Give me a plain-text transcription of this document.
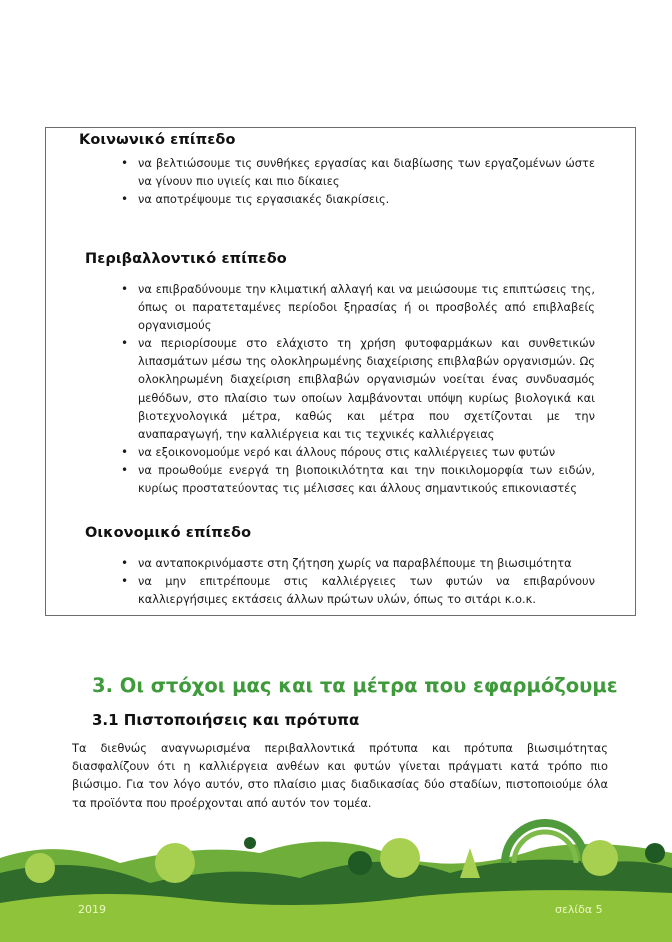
Κοινωνικό επίπεδο
• να βελτιώσουμε τις συνθήκες εργασίας και διαβίωσης των εργαζομένων ώστε να γίνουν πιο υγιείς και πιο δίκαιες
• να αποτρέψουμε τις εργασιακές διακρίσεις.
Περιβαλλοντικό επίπεδο
• να επιβραδύνουμε την κλιματική αλλαγή και να μειώσουμε τις επιπτώσεις της, όπως οι παρατεταμένες περίοδοι ξηρασίας ή οι προσβολές από επιβλαβείς οργανισμούς
• να περιορίσουμε στο ελάχιστο τη χρήση φυτοφαρμάκων και συνθετικών λιπασμάτων μέσω της ολοκληρωμένης διαχείρισης επιβλαβών οργανισμών. Ως ολοκληρωμένη διαχείριση επιβλαβών οργανισμών νοείται ένας συνδυασμός μεθόδων, στο πλαίσιο των οποίων λαμβάνονται υπόψη κυρίως βιολογικά και βιοτεχνολογικά μέτρα, καθώς και μέτρα που σχετίζονται με την αναπαραγωγή, την καλλιέργεια και τις τεχνικές καλλιέργειας
• να εξοικονομούμε νερό και άλλους πόρους στις καλλιέργειες των φυτών
• να προωθούμε ενεργά τη βιοποικιλότητα και την ποικιλομορφία των ειδών, κυρίως προστατεύοντας τις μέλισσες και άλλους σημαντικούς επικονιαστές
Οικονομικό επίπεδο
• να ανταποκρινόμαστε στη ζήτηση χωρίς να παραβλέπουμε τη βιωσιμότητα
• να μην επιτρέπουμε στις καλλιέργειες των φυτών να επιβαρύνουν καλλιεργήσιμες εκτάσεις άλλων πρώτων υλών, όπως το σιτάρι κ.ο.κ.
3. Οι στόχοι μας και τα μέτρα που εφαρμόζουμε
3.1 Πιστοποιήσεις και πρότυπα
Τα διεθνώς αναγνωρισμένα περιβαλλοντικά πρότυπα και πρότυπα βιωσιμότητας διασφαλίζουν ότι η καλλιέργεια ανθέων και φυτών γίνεται πράγματι κατά τρόπο πιο βιώσιμο. Για τον λόγο αυτόν, στο πλαίσιο μιας διαδικασίας δύο σταδίων, πιστοποιούμε όλα τα προϊόντα που προέρχονται από αυτόν τον τομέα.
2019	σελίδα 5
